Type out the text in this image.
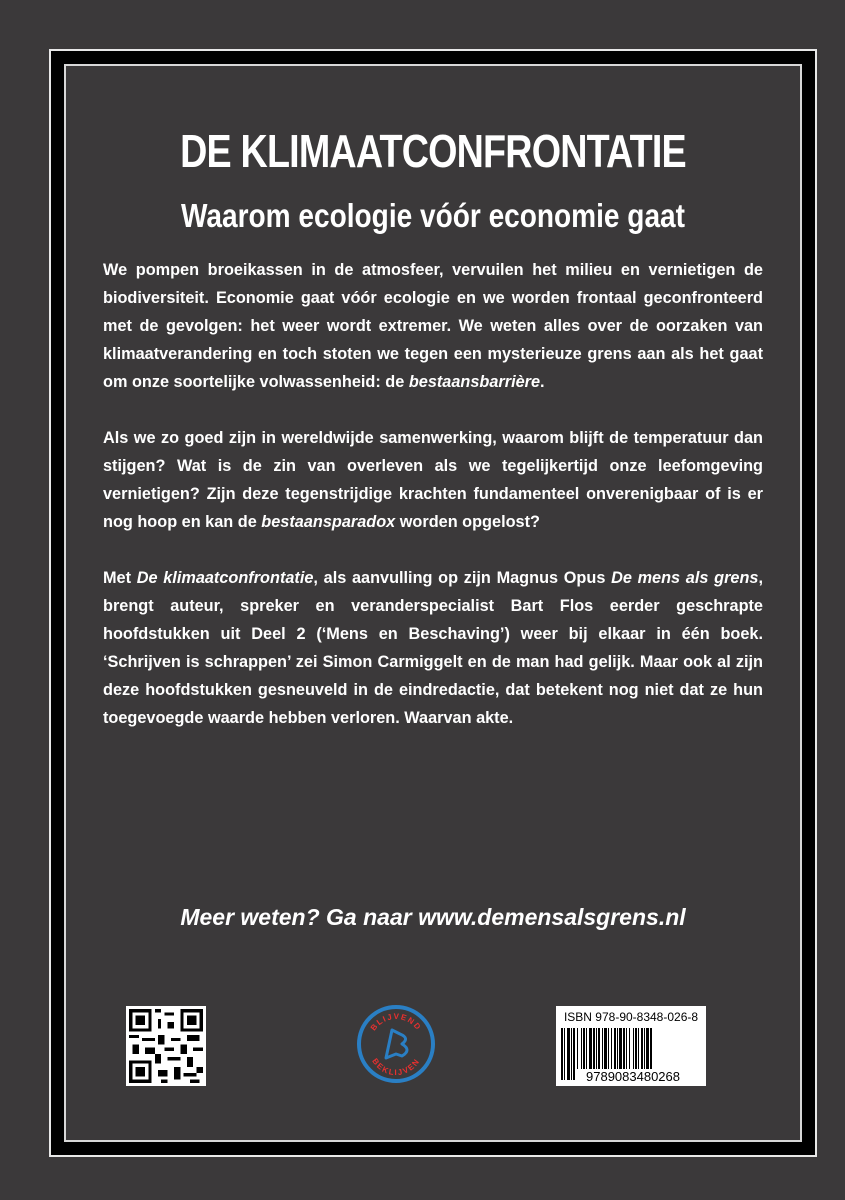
DE KLIMAATCONFRONTATIE
Waarom ecologie vóór economie gaat

We pompen broeikassen in de atmosfeer, vervuilen het milieu en vernietigen de biodiversiteit. Economie gaat vóór ecologie en we worden frontaal geconfronteerd met de gevolgen: het weer wordt extremer. We weten alles over de oorzaken van klimaatverandering en toch stoten we tegen een mysterieuze grens aan als het gaat om onze soortelijke volwassenheid: de bestaansbarrière.

Als we zo goed zijn in wereldwijde samenwerking, waarom blijft de temperatuur dan stijgen? Wat is de zin van overleven als we tegelijkertijd onze leefomgeving vernietigen? Zijn deze tegenstrijdige krachten fundamenteel onverenigbaar of is er nog hoop en kan de bestaansparadox worden opgelost?

Met De klimaatconfrontatie, als aanvulling op zijn Magnus Opus De mens als grens, brengt auteur, spreker en veranderspecialist Bart Flos eerder geschrapte hoofdstukken uit Deel 2 (‘Mens en Beschaving’) weer bij elkaar in één boek. ‘Schrijven is schrappen’ zei Simon Carmiggelt en de man had gelijk. Maar ook al zijn deze hoofdstukken gesneuveld in de eindredactie, dat betekent nog niet dat ze hun toegevoegde waarde hebben verloren. Waarvan akte.

Meer weten? Ga naar www.demensalsgrens.nl
BLIJVEND
BEKLIJVEN
ISBN 978-90-8348-026-8
9789083480268
